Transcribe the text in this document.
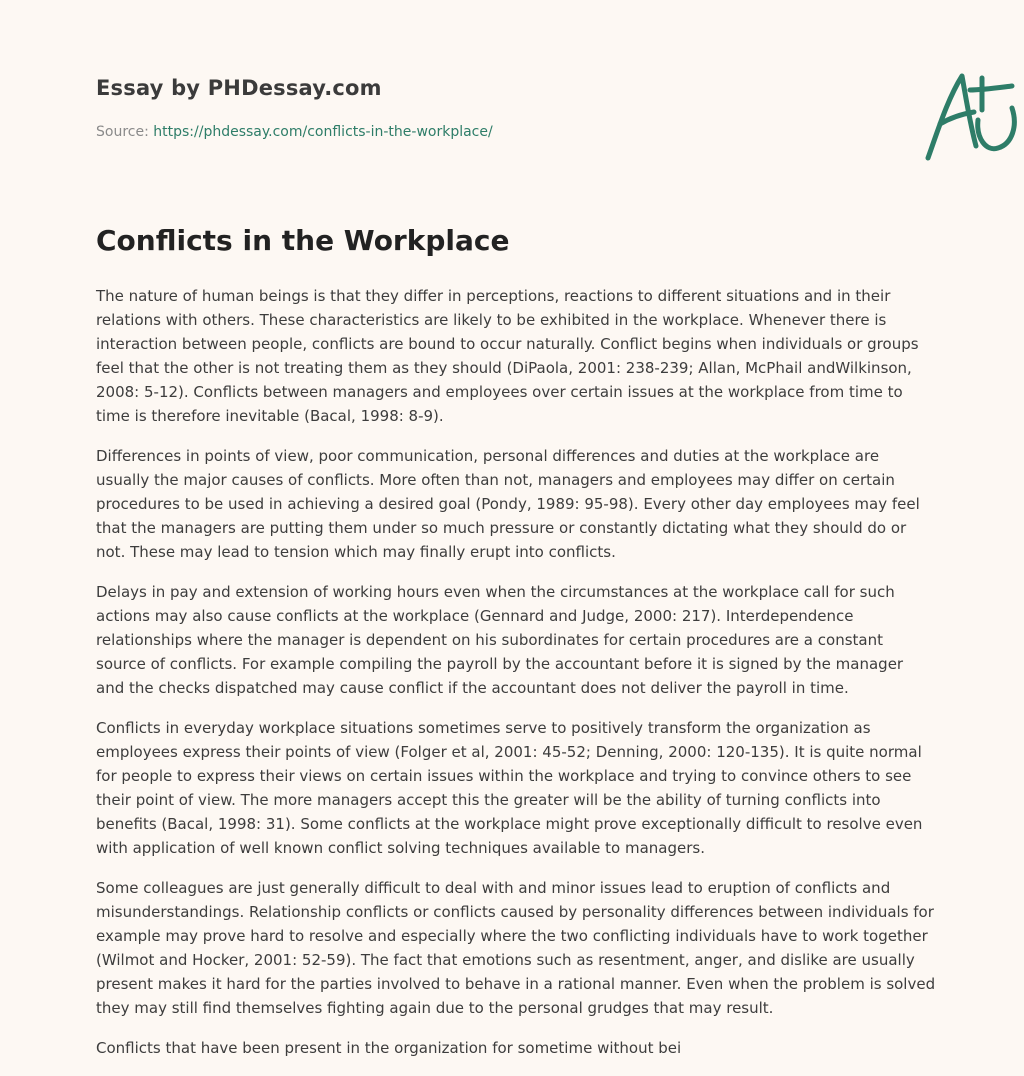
Essay by PHDessay.com
Source: https://phdessay.com/conflicts-in-the-workplace/
Conflicts in the Workplace

The nature of human beings is that they differ in perceptions, reactions to different situations and in their relations with others. These characteristics are likely to be exhibited in the workplace. Whenever there is interaction between people, conflicts are bound to occur naturally. Conflict begins when individuals or groups feel that the other is not treating them as they should (DiPaola, 2001: 238-239; Allan, McPhail andWilkinson, 2008: 5-12). Conflicts between managers and employees over certain issues at the workplace from time to time is therefore inevitable (Bacal, 1998: 8-9).

Differences in points of view, poor communication, personal differences and duties at the workplace are usually the major causes of conflicts. More often than not, managers and employees may differ on certain procedures to be used in achieving a desired goal (Pondy, 1989: 95-98). Every other day employees may feel that the managers are putting them under so much pressure or constantly dictating what they should do or not. These may lead to tension which may finally erupt into conflicts.

Delays in pay and extension of working hours even when the circumstances at the workplace call for such actions may also cause conflicts at the workplace (Gennard and Judge, 2000: 217). Interdependence relationships where the manager is dependent on his subordinates for certain procedures are a constant source of conflicts. For example compiling the payroll by the accountant before it is signed by the manager and the checks dispatched may cause conflict if the accountant does not deliver the payroll in time.

Conflicts in everyday workplace situations sometimes serve to positively transform the organization as employees express their points of view (Folger et al, 2001: 45-52; Denning, 2000: 120-135). It is quite normal for people to express their views on certain issues within the workplace and trying to convince others to see their point of view. The more managers accept this the greater will be the ability of turning conflicts into benefits (Bacal, 1998: 31). Some conflicts at the workplace might prove exceptionally difficult to resolve even with application of well known conflict solving techniques available to managers.

Some colleagues are just generally difficult to deal with and minor issues lead to eruption of conflicts and misunderstandings. Relationship conflicts or conflicts caused by personality differences between individuals for example may prove hard to resolve and especially where the two conflicting individuals have to work together (Wilmot and Hocker, 2001: 52-59). The fact that emotions such as resentment, anger, and dislike are usually present makes it hard for the parties involved to behave in a rational manner. Even when the problem is solved they may still find themselves fighting again due to the personal grudges that may result.

Conflicts that have been present in the organization for sometime without bei
